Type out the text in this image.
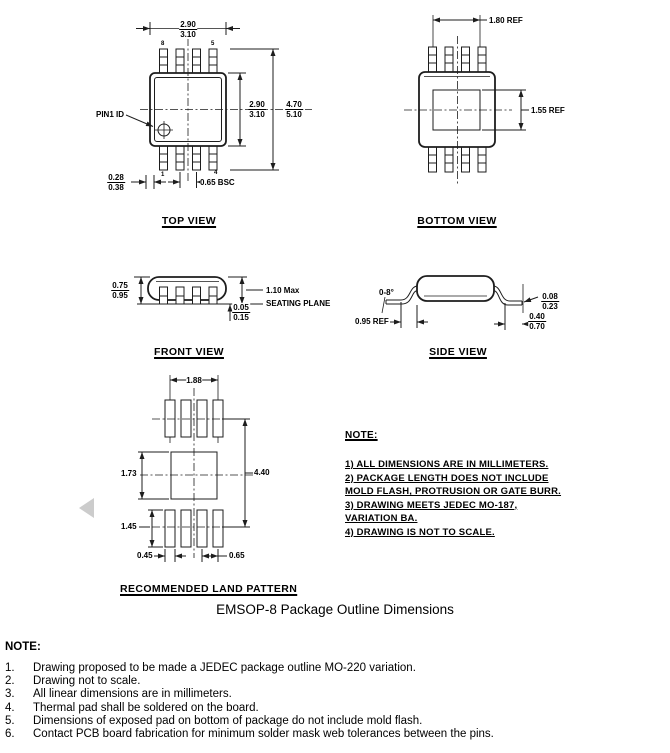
2.90
3.10
8	5
1	4
PIN1 ID
2.90
3.10
4.70
5.10
0.28
0.38
0.65 BSC
TOP VIEW
1.80 REF
1.55 REF
BOTTOM VIEW
0.75
0.95
1.10 Max
SEATING PLANE
0.05
0.15
FRONT VIEW
0-8°
0.95 REF
0.08
0.23
0.40
0.70
SIDE VIEW
1.88
1.73	4.40
1.45
0.45	0.65
RECOMMENDED LAND PATTERN
NOTE:
1) ALL DIMENSIONS ARE IN MILLIMETERS.
2) PACKAGE LENGTH DOES NOT INCLUDE
MOLD FLASH, PROTRUSION OR GATE BURR.
3) DRAWING MEETS JEDEC MO-187,
VARIATION BA.
4) DRAWING IS NOT TO SCALE.
EMSOP-8 Package Outline Dimensions
NOTE:
1.	Drawing proposed to be made a JEDEC package outline MO-220 variation.
2.	Drawing not to scale.
3.	All linear dimensions are in millimeters.
4.	Thermal pad shall be soldered on the board.
5.	Dimensions of exposed pad on bottom of package do not include mold flash.
6.	Contact PCB board fabrication for minimum solder mask web tolerances between the pins.
